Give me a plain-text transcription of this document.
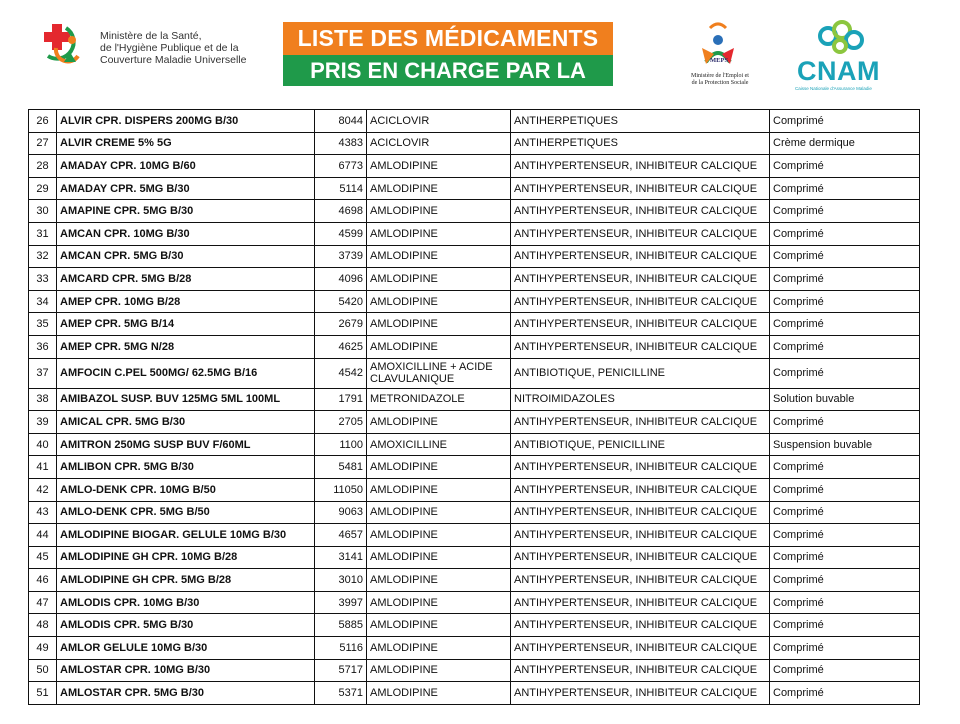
Ministère de la Santé,
de l'Hygiène Publique et de la
Couverture Maladie Universelle
LISTE DES MÉDICAMENTS
PRIS EN CHARGE PAR LA CMU
MEPS
Ministère de l'Emploi et
de la Protection Sociale	CNAM
Caisse Nationale d'Assurance Maladie
26	ALVIR CPR. DISPERS 200MG B/30	8044	ACICLOVIR	ANTIHERPETIQUES	Comprimé
27	ALVIR CREME 5% 5G	4383	ACICLOVIR	ANTIHERPETIQUES	Crème dermique
28	AMADAY CPR. 10MG B/60	6773	AMLODIPINE	ANTIHYPERTENSEUR, INHIBITEUR CALCIQUE	Comprimé
29	AMADAY CPR. 5MG B/30	5114	AMLODIPINE	ANTIHYPERTENSEUR, INHIBITEUR CALCIQUE	Comprimé
30	AMAPINE CPR. 5MG B/30	4698	AMLODIPINE	ANTIHYPERTENSEUR, INHIBITEUR CALCIQUE	Comprimé
31	AMCAN CPR. 10MG B/30	4599	AMLODIPINE	ANTIHYPERTENSEUR, INHIBITEUR CALCIQUE	Comprimé
32	AMCAN CPR. 5MG B/30	3739	AMLODIPINE	ANTIHYPERTENSEUR, INHIBITEUR CALCIQUE	Comprimé
33	AMCARD CPR. 5MG B/28	4096	AMLODIPINE	ANTIHYPERTENSEUR, INHIBITEUR CALCIQUE	Comprimé
34	AMEP CPR. 10MG B/28	5420	AMLODIPINE	ANTIHYPERTENSEUR, INHIBITEUR CALCIQUE	Comprimé
35	AMEP CPR. 5MG B/14	2679	AMLODIPINE	ANTIHYPERTENSEUR, INHIBITEUR CALCIQUE	Comprimé
36	AMEP CPR. 5MG N/28	4625	AMLODIPINE	ANTIHYPERTENSEUR, INHIBITEUR CALCIQUE	Comprimé
37	AMFOCIN C.PEL 500MG/ 62.5MG B/16	4542	AMOXICILLINE + ACIDE CLAVULANIQUE	ANTIBIOTIQUE, PENICILLINE	Comprimé
38	AMIBAZOL SUSP. BUV 125MG 5ML 100ML	1791	METRONIDAZOLE	NITROIMIDAZOLES	Solution buvable
39	AMICAL CPR. 5MG B/30	2705	AMLODIPINE	ANTIHYPERTENSEUR, INHIBITEUR CALCIQUE	Comprimé
40	AMITRON 250MG SUSP BUV F/60ML	1100	AMOXICILLINE	ANTIBIOTIQUE, PENICILLINE	Suspension buvable
41	AMLIBON CPR. 5MG B/30	5481	AMLODIPINE	ANTIHYPERTENSEUR, INHIBITEUR CALCIQUE	Comprimé
42	AMLO-DENK CPR. 10MG B/50	11050	AMLODIPINE	ANTIHYPERTENSEUR, INHIBITEUR CALCIQUE	Comprimé
43	AMLO-DENK CPR. 5MG B/50	9063	AMLODIPINE	ANTIHYPERTENSEUR, INHIBITEUR CALCIQUE	Comprimé
44	AMLODIPINE BIOGAR. GELULE 10MG B/30	4657	AMLODIPINE	ANTIHYPERTENSEUR, INHIBITEUR CALCIQUE	Comprimé
45	AMLODIPINE GH CPR. 10MG B/28	3141	AMLODIPINE	ANTIHYPERTENSEUR, INHIBITEUR CALCIQUE	Comprimé
46	AMLODIPINE GH CPR. 5MG B/28	3010	AMLODIPINE	ANTIHYPERTENSEUR, INHIBITEUR CALCIQUE	Comprimé
47	AMLODIS CPR. 10MG B/30	3997	AMLODIPINE	ANTIHYPERTENSEUR, INHIBITEUR CALCIQUE	Comprimé
48	AMLODIS CPR. 5MG B/30	5885	AMLODIPINE	ANTIHYPERTENSEUR, INHIBITEUR CALCIQUE	Comprimé
49	AMLOR GELULE 10MG B/30	5116	AMLODIPINE	ANTIHYPERTENSEUR, INHIBITEUR CALCIQUE	Comprimé
50	AMLOSTAR CPR. 10MG B/30	5717	AMLODIPINE	ANTIHYPERTENSEUR, INHIBITEUR CALCIQUE	Comprimé
51	AMLOSTAR CPR. 5MG B/30	5371	AMLODIPINE	ANTIHYPERTENSEUR, INHIBITEUR CALCIQUE	Comprimé
